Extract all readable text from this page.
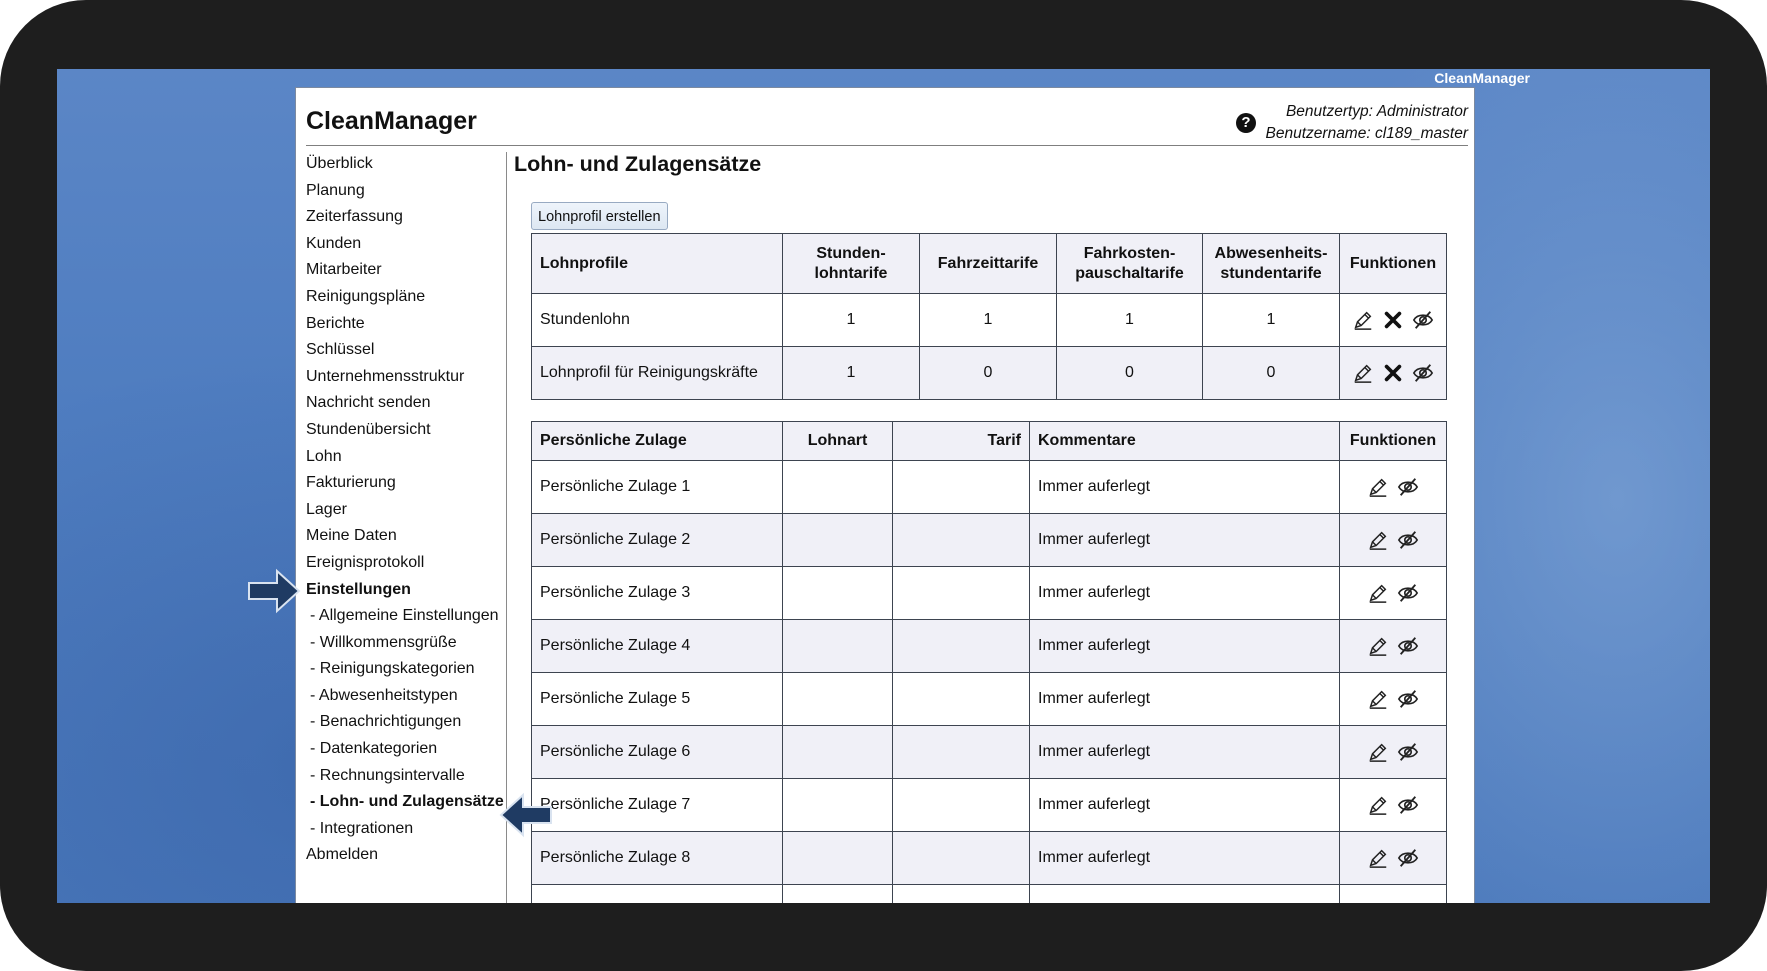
CleanManager
CleanManager	?
Benutzertyp: Administrator
Benutzername: cl189_master
Überblick
Planung
Zeiterfassung
Kunden
Mitarbeiter
Reinigungspläne
Berichte
Schlüssel
Unternehmensstruktur
Nachricht senden
Stundenübersicht
Lohn
Fakturierung
Lager
Meine Daten
Ereignisprotokoll
Einstellungen
- Allgemeine Einstellungen
- Willkommensgrüße
- Reinigungskategorien
- Abwesenheitstypen
- Benachrichtigungen
- Datenkategorien
- Rechnungsintervalle
- Lohn- und Zulagensätze
- Integrationen
Abmelden
Lohn- und Zulagensätze
Lohnprofil erstellen
Lohnprofile	Stunden-
lohntarife	Fahrzeittarife	Fahrkosten-
pauschaltarife	Abwesenheits-
stundentarife	Funktionen
Stundenlohn	1	1	1	1	
Lohnprofil für Reinigungskräfte	1	0	0	0	
Persönliche Zulage	Lohnart	Tarif	Kommentare	Funktionen
Persönliche Zulage 1			Immer auferlegt	
Persönliche Zulage 2			Immer auferlegt	
Persönliche Zulage 3			Immer auferlegt	
Persönliche Zulage 4			Immer auferlegt	
Persönliche Zulage 5			Immer auferlegt	
Persönliche Zulage 6			Immer auferlegt	
Persönliche Zulage 7			Immer auferlegt	
Persönliche Zulage 8			Immer auferlegt	
